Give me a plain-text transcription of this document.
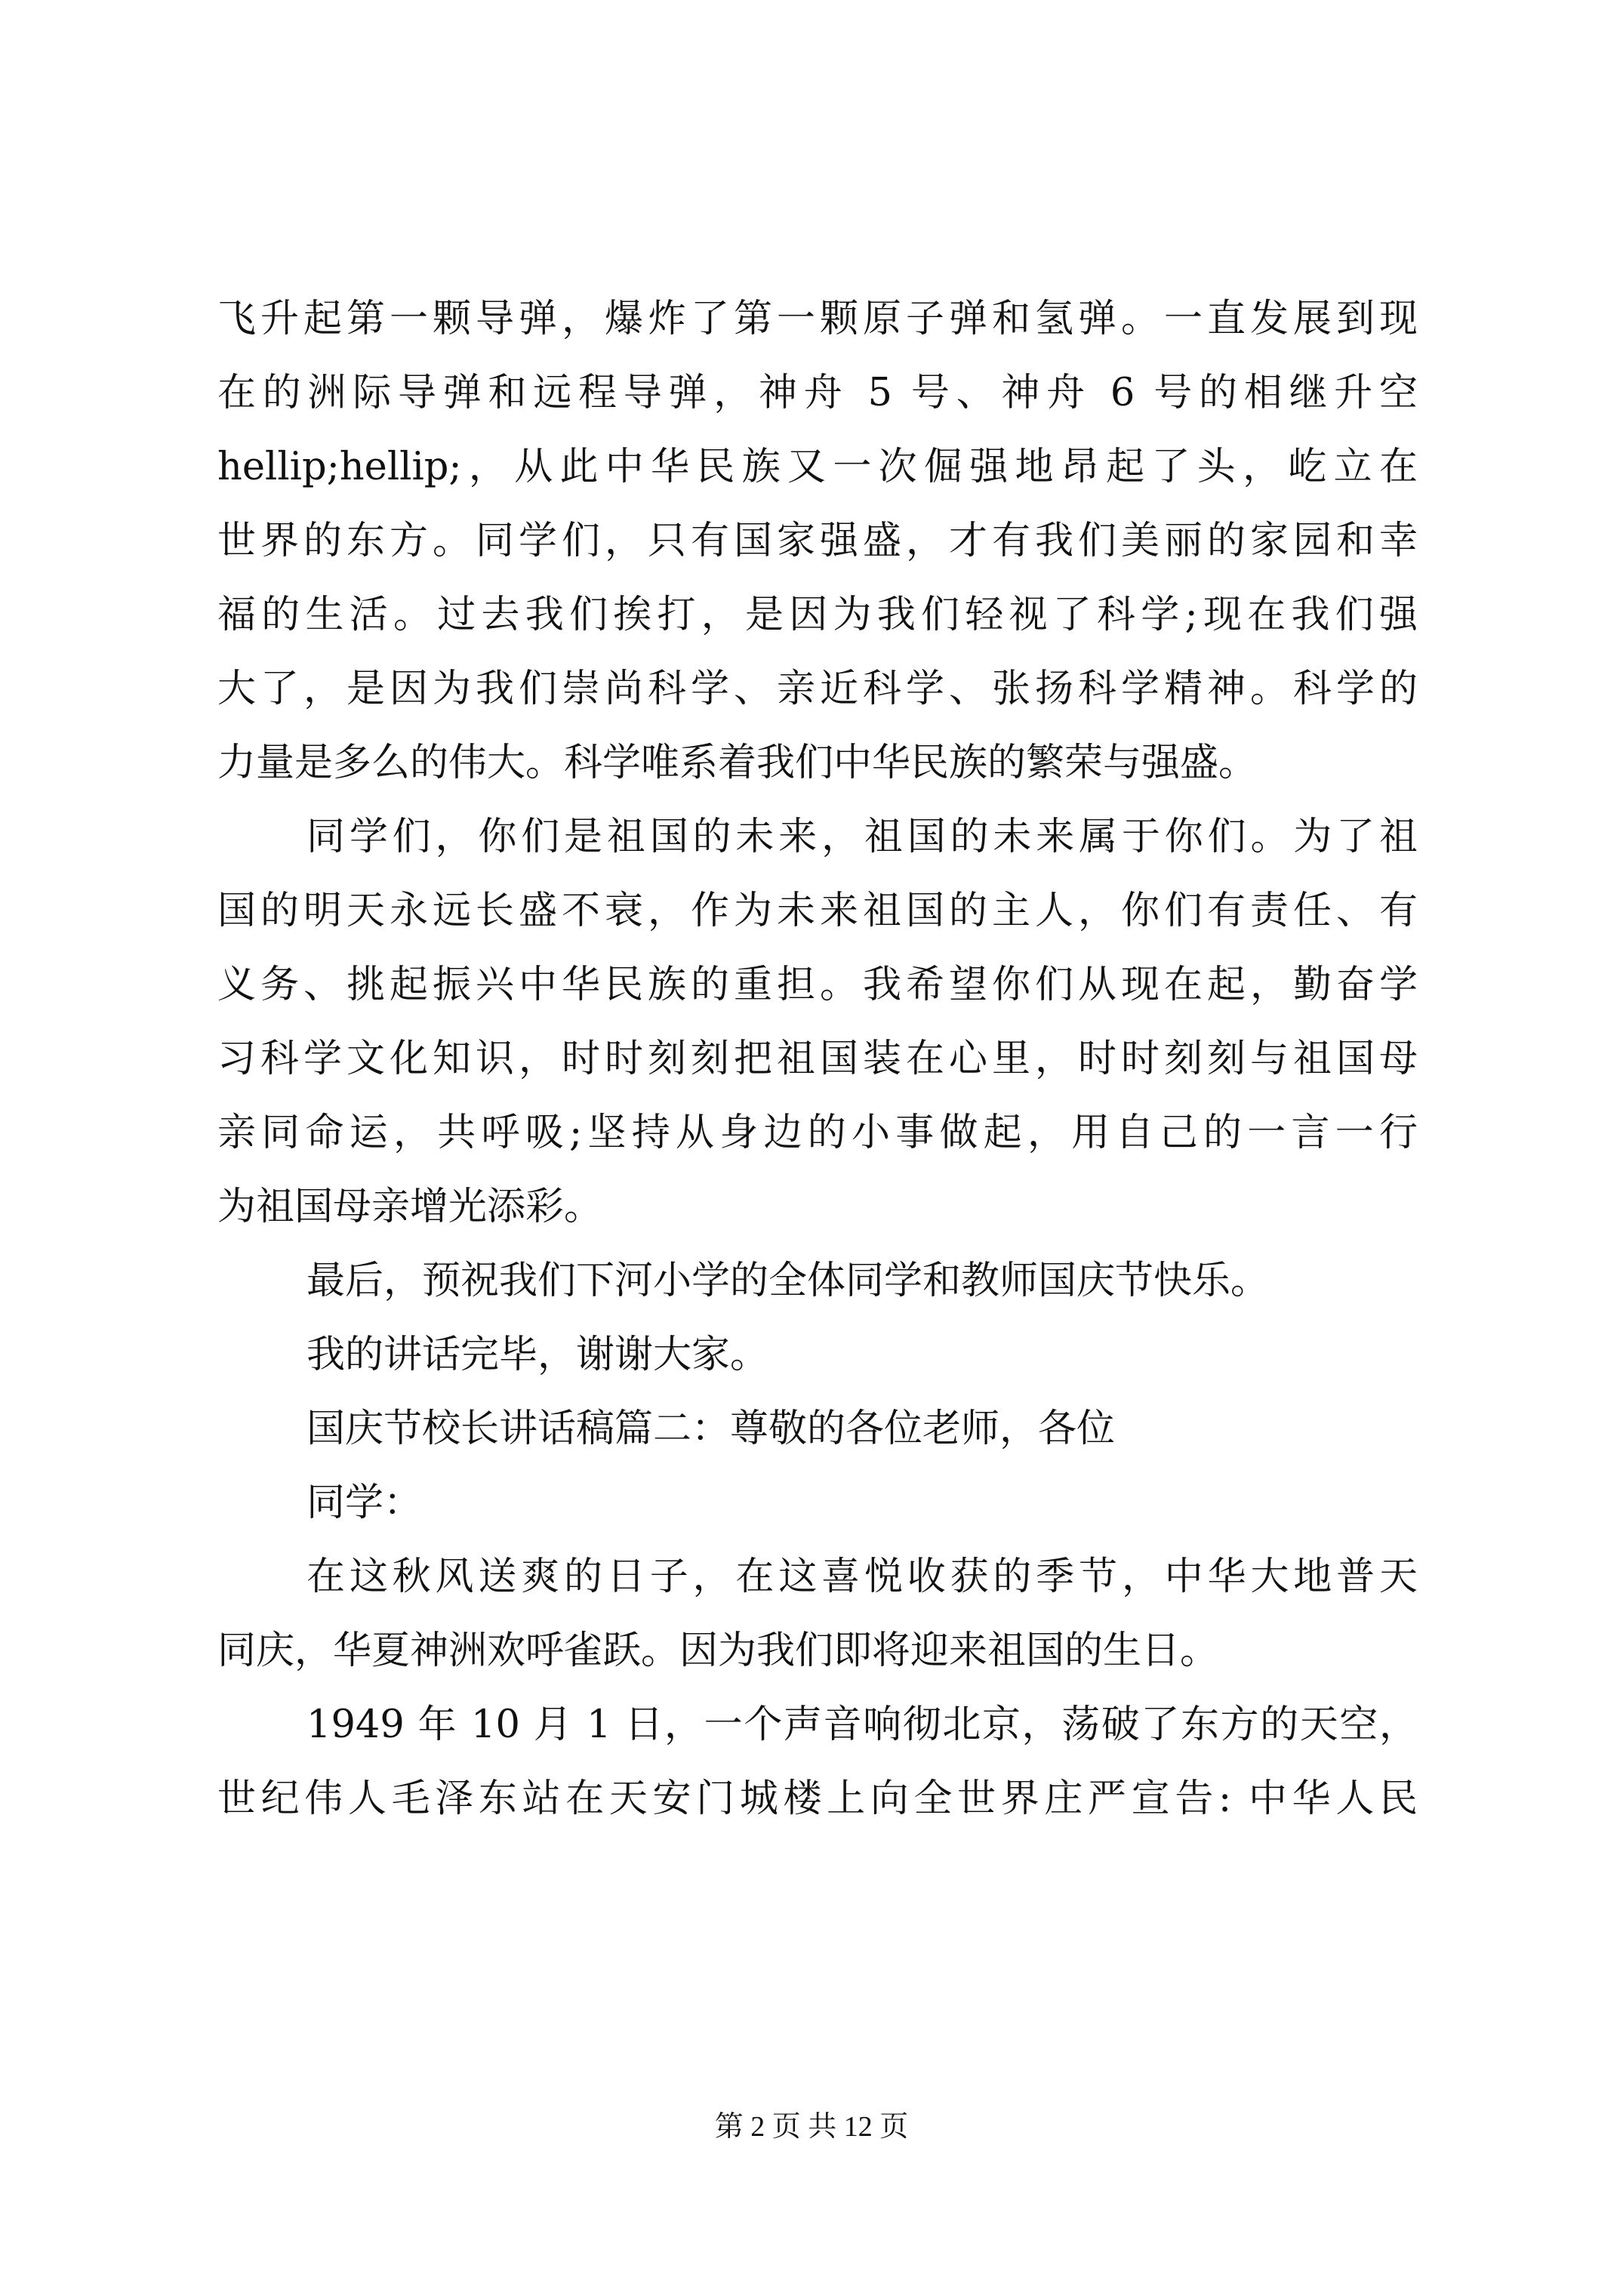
飞升起第一颗导弹，爆炸了第一颗原子弹和氢弹。一直发展到现
在的洲际导弹和远程导弹，神舟 5 号、神舟 6 号的相继升空
hellip;hellip;，从此中华民族又一次倔强地昂起了头，屹立在
世界的东方。同学们，只有国家强盛，才有我们美丽的家园和幸
福的生活。过去我们挨打，是因为我们轻视了科学;现在我们强
大了，是因为我们崇尚科学、亲近科学、张扬科学精神。科学的
力量是多么的伟大。科学唯系着我们中华民族的繁荣与强盛。
同学们，你们是祖国的未来，祖国的未来属于你们。为了祖
国的明天永远长盛不衰，作为未来祖国的主人，你们有责任、有
义务、挑起振兴中华民族的重担。我希望你们从现在起，勤奋学
习科学文化知识，时时刻刻把祖国装在心里，时时刻刻与祖国母
亲同命运，共呼吸;坚持从身边的小事做起，用自己的一言一行
为祖国母亲增光添彩。
最后，预祝我们下河小学的全体同学和教师国庆节快乐。
我的讲话完毕，谢谢大家。
国庆节校长讲话稿篇二：尊敬的各位老师，各位
同学：
在这秋风送爽的日子，在这喜悦收获的季节，中华大地普天
同庆，华夏神洲欢呼雀跃。因为我们即将迎来祖国的生日。
1949 年 10 月 1 日，一个声音响彻北京，荡破了东方的天空，
世纪伟人毛泽东站在天安门城楼上向全世界庄严宣告: 中华人民
第 2 页 共 12 页
